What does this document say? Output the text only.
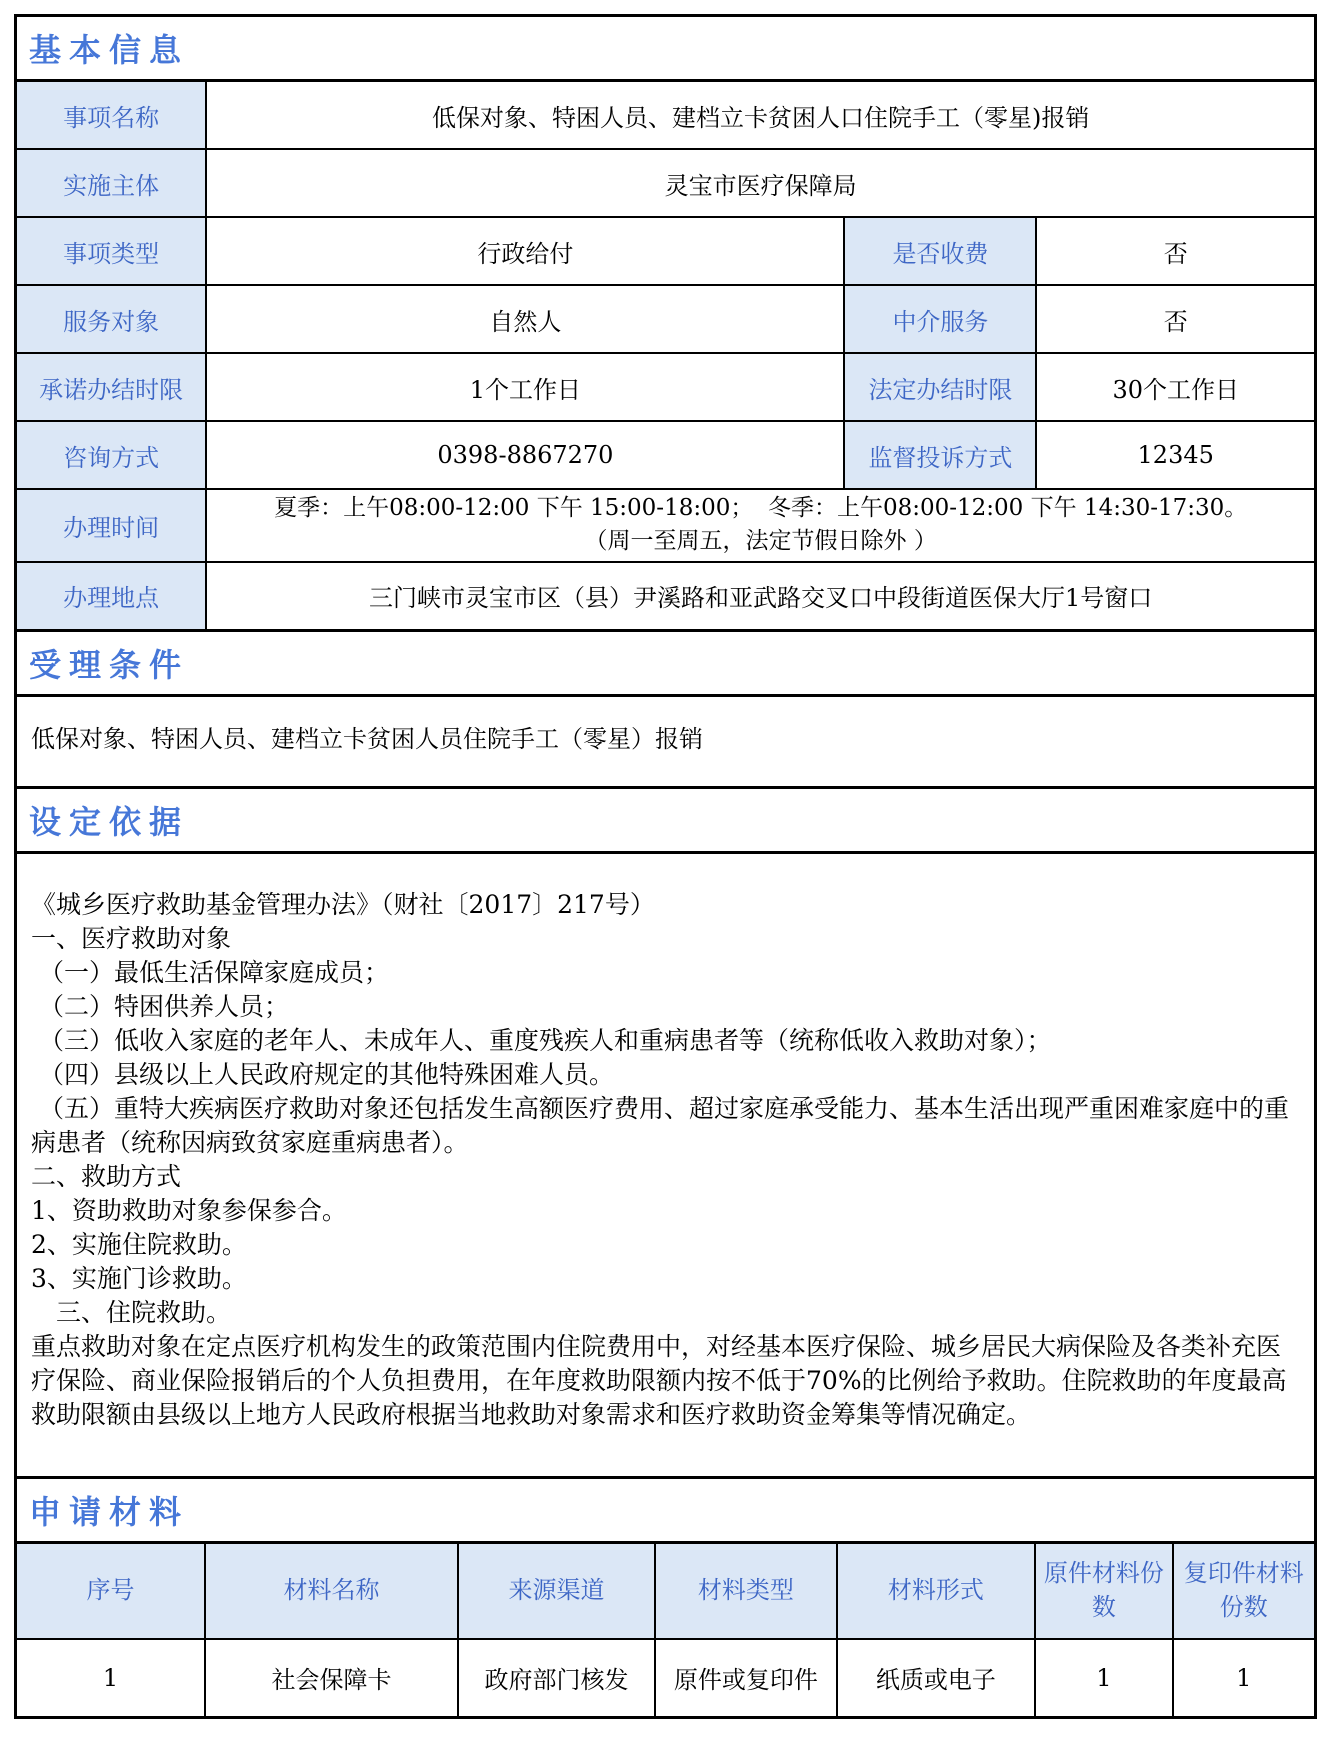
基本信息
事项名称	低保对象、特困人员、建档立卡贫困人口住院手工（零星)报销		
实施主体	灵宝市医疗保障局		
事项类型	行政给付	是否收费	否
服务对象	自然人	中介服务	否
承诺办结时限	1个工作日	法定办结时限	30个工作日
咨询方式	0398-8867270	监督投诉方式	12345
办理时间	夏季：上午08:00-12:00 下午 15:00-18:00；  冬季：上午08:00-12:00 下午 14:30-17:30。
（周一至周五，法定节假日除外 ）		
办理地点	三门峡市灵宝市区（县）尹溪路和亚武路交叉口中段街道医保大厅1号窗口		
受理条件
低保对象、特困人员、建档立卡贫困人员住院手工（零星）报销
设定依据
《城乡医疗救助基金管理办法》（财社〔2017〕217号）
一、医疗救助对象
（一）最低生活保障家庭成员；
（二）特困供养人员；
（三）低收入家庭的老年人、未成年人、重度残疾人和重病患者等（统称低收入救助对象）；
（四）县级以上人民政府规定的其他特殊困难人员。
（五）重特大疾病医疗救助对象还包括发生高额医疗费用、超过家庭承受能力、基本生活出现严重困难家庭中的重病患者（统称因病致贫家庭重病患者）。
二、救助方式
1、资助救助对象参保参合。
2、实施住院救助。
3、实施门诊救助。
　三、住院救助。
重点救助对象在定点医疗机构发生的政策范围内住院费用中，对经基本医疗保险、城乡居民大病保险及各类补充医疗保险、商业保险报销后的个人负担费用，在年度救助限额内按不低于70%的比例给予救助。住院救助的年度最高救助限额由县级以上地方人民政府根据当地救助对象需求和医疗救助资金筹集等情况确定。
申请材料
序号	材料名称	来源渠道	材料类型	材料形式	原件材料份数	复印件材料份数
1	社会保障卡	政府部门核发	原件或复印件	纸质或电子	1	1
